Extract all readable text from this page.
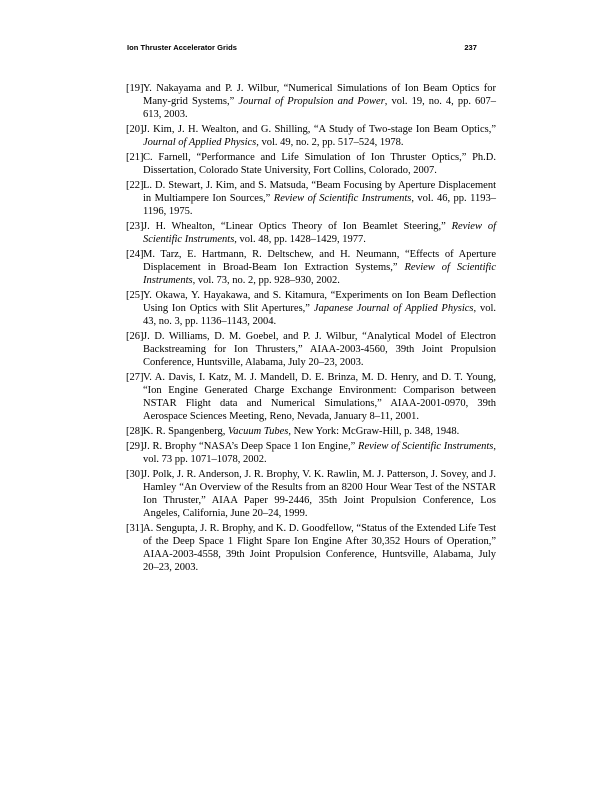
Ion Thruster Accelerator Grids	237

[19]Y. Nakayama and P. J. Wilbur, “Numerical Simulations of Ion Beam Optics for Many-grid Systems,” Journal of Propulsion and Power, vol. 19, no. 4, pp. 607–613, 2003.

[20]J. Kim, J. H. Wealton, and G. Shilling, “A Study of Two-stage Ion Beam Optics,” Journal of Applied Physics, vol. 49, no. 2, pp. 517–524, 1978.

[21]C. Farnell, “Performance and Life Simulation of Ion Thruster Optics,” Ph.D. Dissertation, Colorado State University, Fort Collins, Colorado, 2007.

[22]L. D. Stewart, J. Kim, and S. Matsuda, “Beam Focusing by Aperture Displacement in Multiampere Ion Sources,” Review of Scientific Instruments, vol. 46, pp. 1193–1196, 1975.

[23]J. H. Whealton, “Linear Optics Theory of Ion Beamlet Steering,” Review of Scientific Instruments, vol. 48, pp. 1428–1429, 1977.

[24]M. Tarz, E. Hartmann, R. Deltschew, and H. Neumann, “Effects of Aperture Displacement in Broad-Beam Ion Extraction Systems,” Review of Scientific Instruments, vol. 73, no. 2, pp. 928–930, 2002.

[25]Y. Okawa, Y. Hayakawa, and S. Kitamura, “Experiments on Ion Beam Deflection Using Ion Optics with Slit Apertures,” Japanese Journal of Applied Physics, vol. 43, no. 3, pp. 1136–1143, 2004.

[26]J. D. Williams, D. M. Goebel, and P. J. Wilbur, “Analytical Model of Electron Backstreaming for Ion Thrusters,” AIAA-2003-4560, 39th Joint Propulsion Conference, Huntsville, Alabama, July 20–23, 2003.

[27]V. A. Davis, I. Katz, M. J. Mandell, D. E. Brinza, M. D. Henry, and D. T. Young, “Ion Engine Generated Charge Exchange Environment: Comparison between NSTAR Flight data and Numerical Simulations,” AIAA-2001-0970, 39th Aerospace Sciences Meeting, Reno, Nevada, January 8–11, 2001.

[28]K. R. Spangenberg, Vacuum Tubes, New York: McGraw-Hill, p. 348, 1948.

[29]J. R. Brophy “NASA’s Deep Space 1 Ion Engine,” Review of Scientific Instruments, vol. 73 pp. 1071–1078, 2002.

[30]J. Polk, J. R. Anderson, J. R. Brophy, V. K. Rawlin, M. J. Patterson, J. Sovey, and J. Hamley “An Overview of the Results from an 8200 Hour Wear Test of the NSTAR Ion Thruster,” AIAA Paper 99-2446, 35th Joint Propulsion Conference, Los Angeles, California, June 20–24, 1999.

[31]A. Sengupta, J. R. Brophy, and K. D. Goodfellow, “Status of the Extended Life Test of the Deep Space 1 Flight Spare Ion Engine After 30,352 Hours of Operation,” AIAA-2003-4558, 39th Joint Propulsion Conference, Huntsville, Alabama, July 20–23, 2003.
